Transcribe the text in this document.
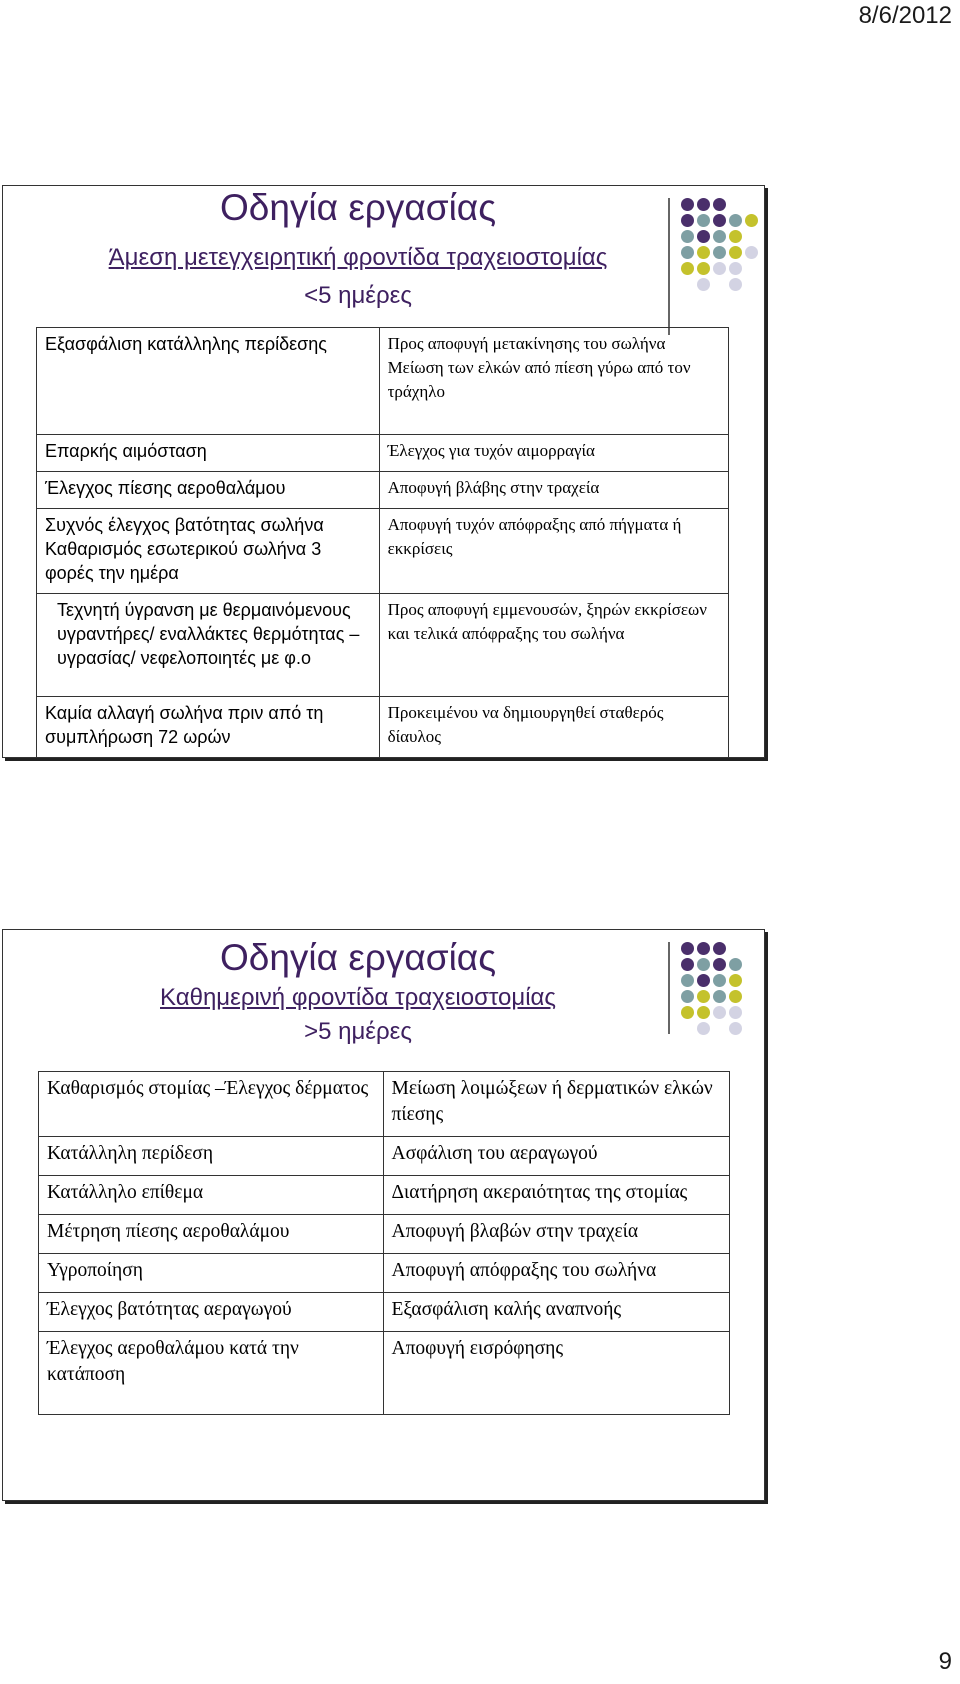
8/6/2012
Οδηγία εργασίας
Άμεση μετεγχειρητική φροντίδα τραχειοστομίας
<5 ημέρες
Εξασφάλιση κατάλληλης περίδεσης	Προς αποφυγή μετακίνησης του σωλήνα
Μείωση των ελκών από πίεση γύρω από τον τράχηλο

Επαρκής αιμόσταση	Έλεγχος για τυχόν αιμορραγία
Έλεγχος πίεσης αεροθαλάμου	Αποφυγή βλάβης στην τραχεία

Συχνός έλεγχος βατότητας σωλήνα
Καθαρισμός εσωτερικού σωλήνα 3 φορές την ημέρα	Αποφυγή τυχόν απόφραξης από πήγματα ή εκκρίσεις
Τεχνητή ύγρανση με θερμαινόμενους υγραντήρες/ εναλλάκτες θερμότητας – υγρασίας/ νεφελοποιητές με φ.ο	Προς αποφυγή εμμενουσών, ξηρών εκκρίσεων και τελικά απόφραξης του σωλήνα
Καμία αλλαγή σωλήνα πριν από τη συμπλήρωση 72 ωρών	Προκειμένου να δημιουργηθεί σταθερός δίαυλος
Οδηγία εργασίας
Καθημερινή φροντίδα τραχειοστομίας
>5 ημέρες
Καθαρισμός στομίας –Έλεγχος δέρματος	Μείωση λοιμώξεων ή δερματικών ελκών πίεσης
Κατάλληλη περίδεση	Ασφάλιση του αεραγωγού
Κατάλληλο επίθεμα	Διατήρηση ακεραιότητας της στομίας
Μέτρηση πίεσης αεροθαλάμου	Αποφυγή βλαβών στην τραχεία
Υγροποίηση	Αποφυγή απόφραξης του σωλήνα
Έλεγχος βατότητας αεραγωγού	Εξασφάλιση καλής αναπνοής
Έλεγχος αεροθαλάμου κατά την κατάποση	Αποφυγή εισρόφησης
9
